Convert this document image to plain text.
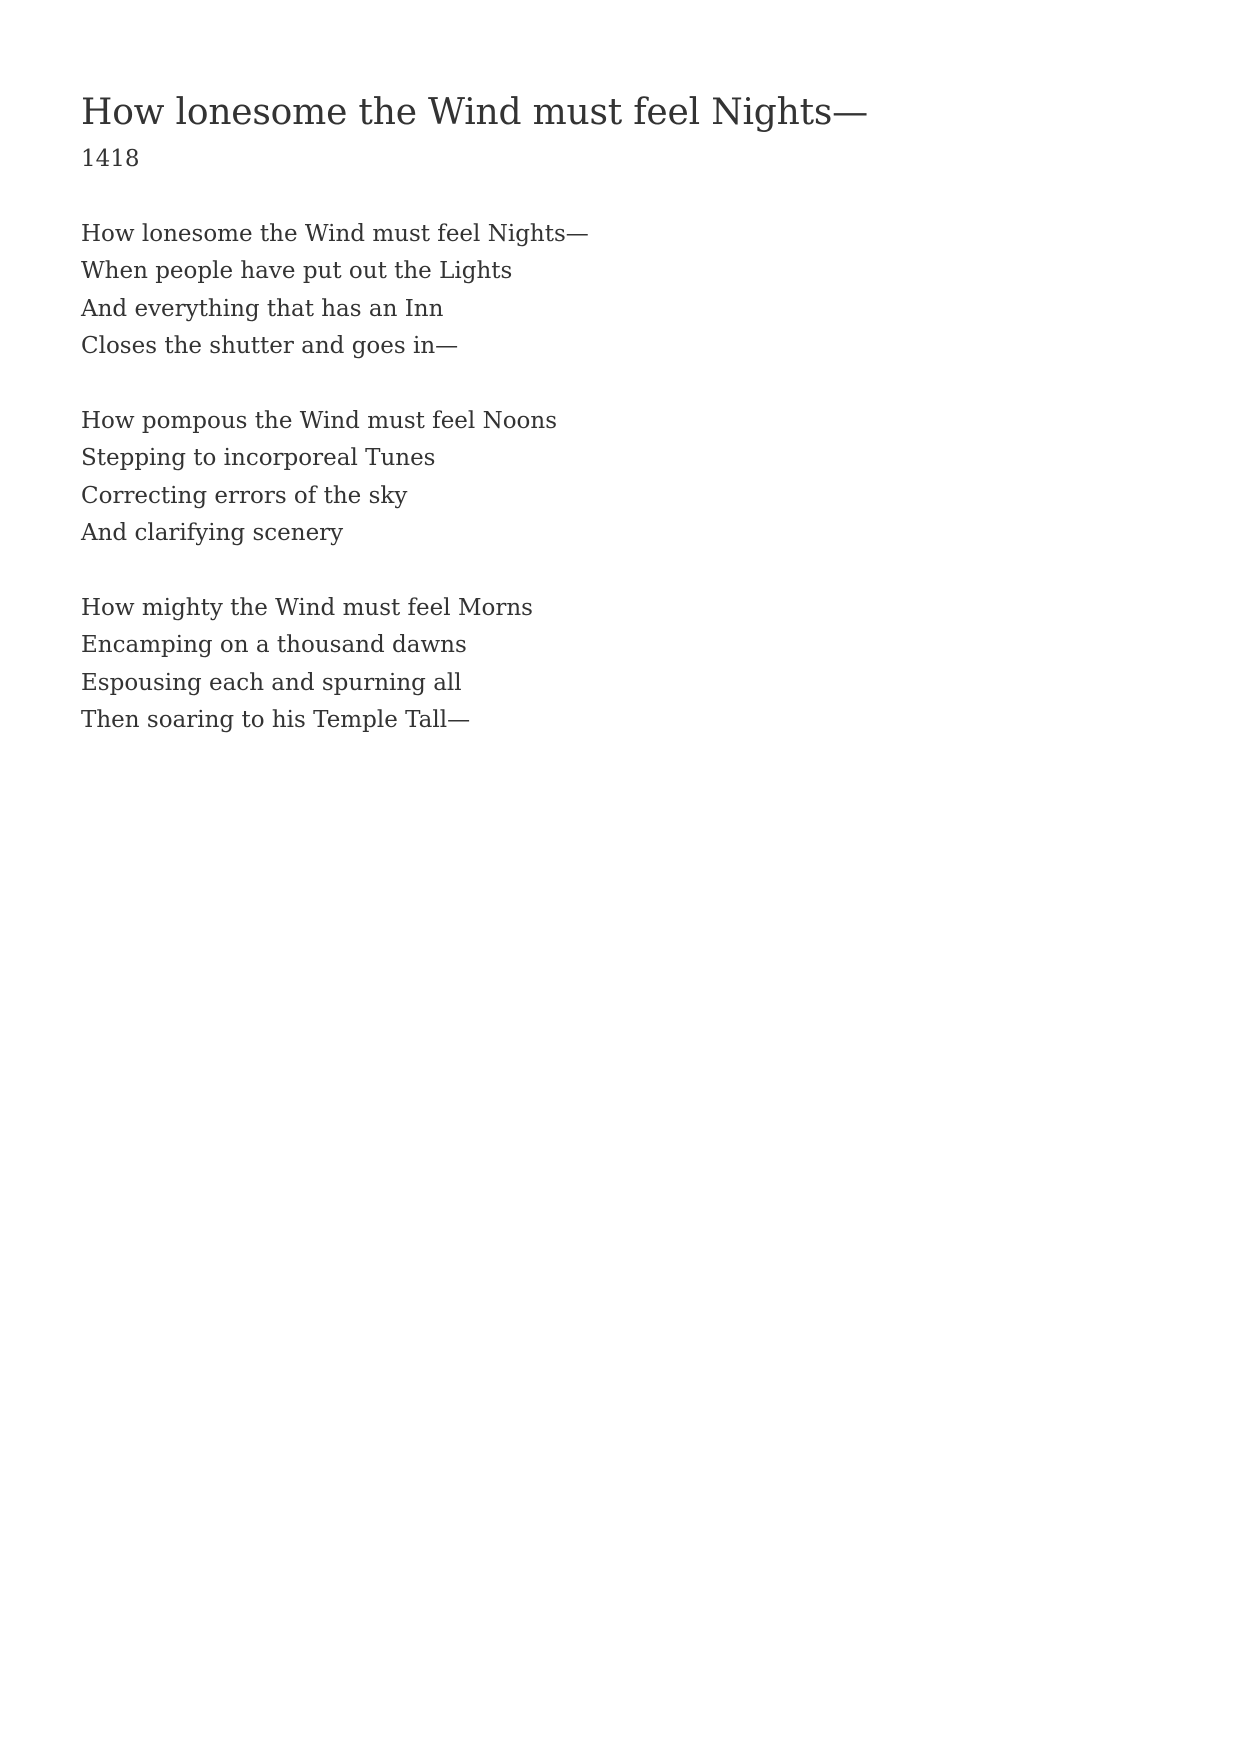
How lonesome the Wind must feel Nights—
1418
How lonesome the Wind must feel Nights—
When people have put out the Lights
And everything that has an Inn
Closes the shutter and goes in—
How pompous the Wind must feel Noons
Stepping to incorporeal Tunes
Correcting errors of the sky
And clarifying scenery
How mighty the Wind must feel Morns
Encamping on a thousand dawns
Espousing each and spurning all
Then soaring to his Temple Tall—
